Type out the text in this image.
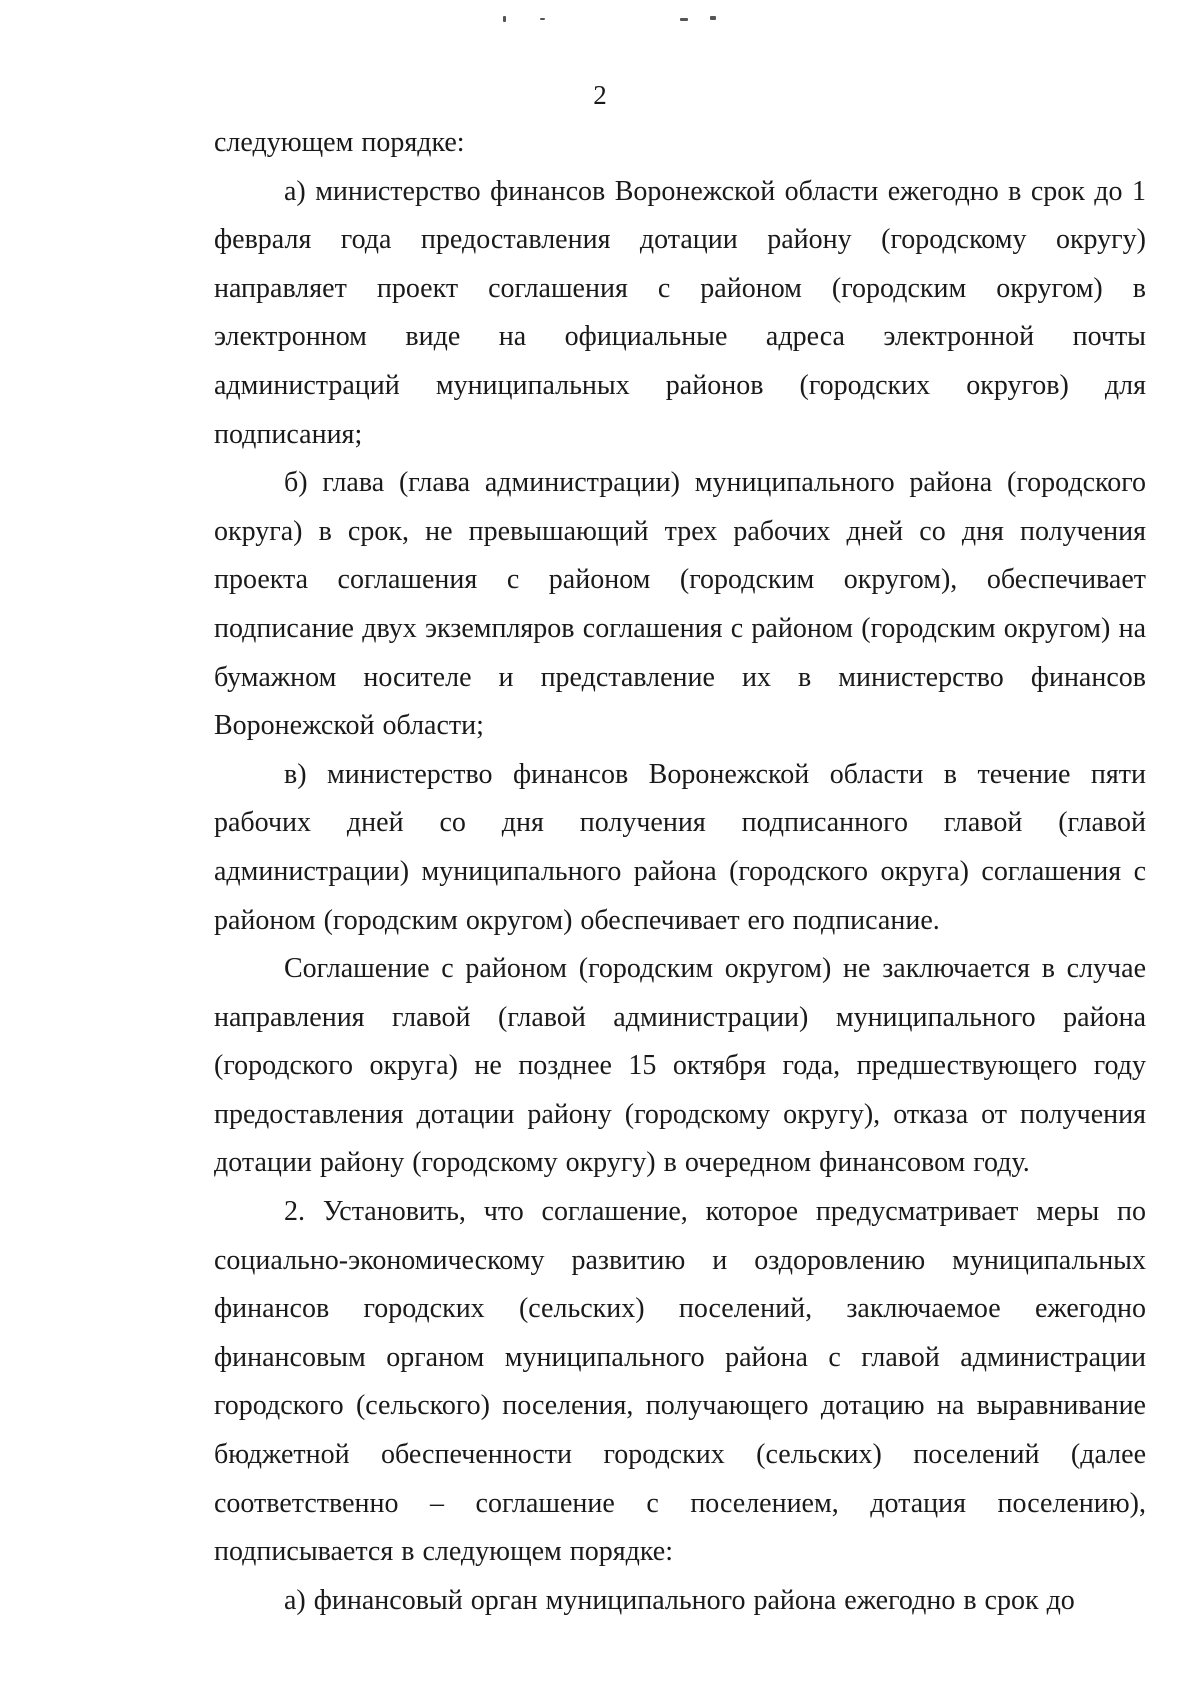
2

следующем порядке:

а) министерство финансов Воронежской области ежегодно в срок до 1 февраля года предоставления дотации району (городскому округу) направляет проект соглашения с районом (городским округом) в электронном виде на официальные адреса электронной почты администраций муниципальных районов (городских округов) для подписания;

б) глава (глава администрации) муниципального района (городского округа) в срок, не превышающий трех рабочих дней со дня получения проекта соглашения с районом (городским округом), обеспечивает подписание двух экземпляров соглашения с районом (городским округом) на бумажном носителе и представление их в министерство финансов Воронежской области;

в) министерство финансов Воронежской области в течение пяти рабочих дней со дня получения подписанного главой (главой администрации) муниципального района (городского округа) соглашения с районом (городским округом) обеспечивает его подписание.

Соглашение с районом (городским округом) не заключается в случае направления главой (главой администрации) муниципального района (городского округа) не позднее 15 октября года, предшествующего году предоставления дотации району (городскому округу), отказа от получения дотации району (городскому округу) в очередном финансовом году.

2. Установить, что соглашение, которое предусматривает меры по социально-экономическому развитию и оздоровлению муниципальных финансов городских (сельских) поселений, заключаемое ежегодно финансовым органом муниципального района с главой администрации городского (сельского) поселения, получающего дотацию на выравнивание бюджетной обеспеченности городских (сельских) поселений (далее соответственно – соглашение с поселением, дотация поселению), подписывается в следующем порядке:

а) финансовый орган муниципального района ежегодно в срок до
